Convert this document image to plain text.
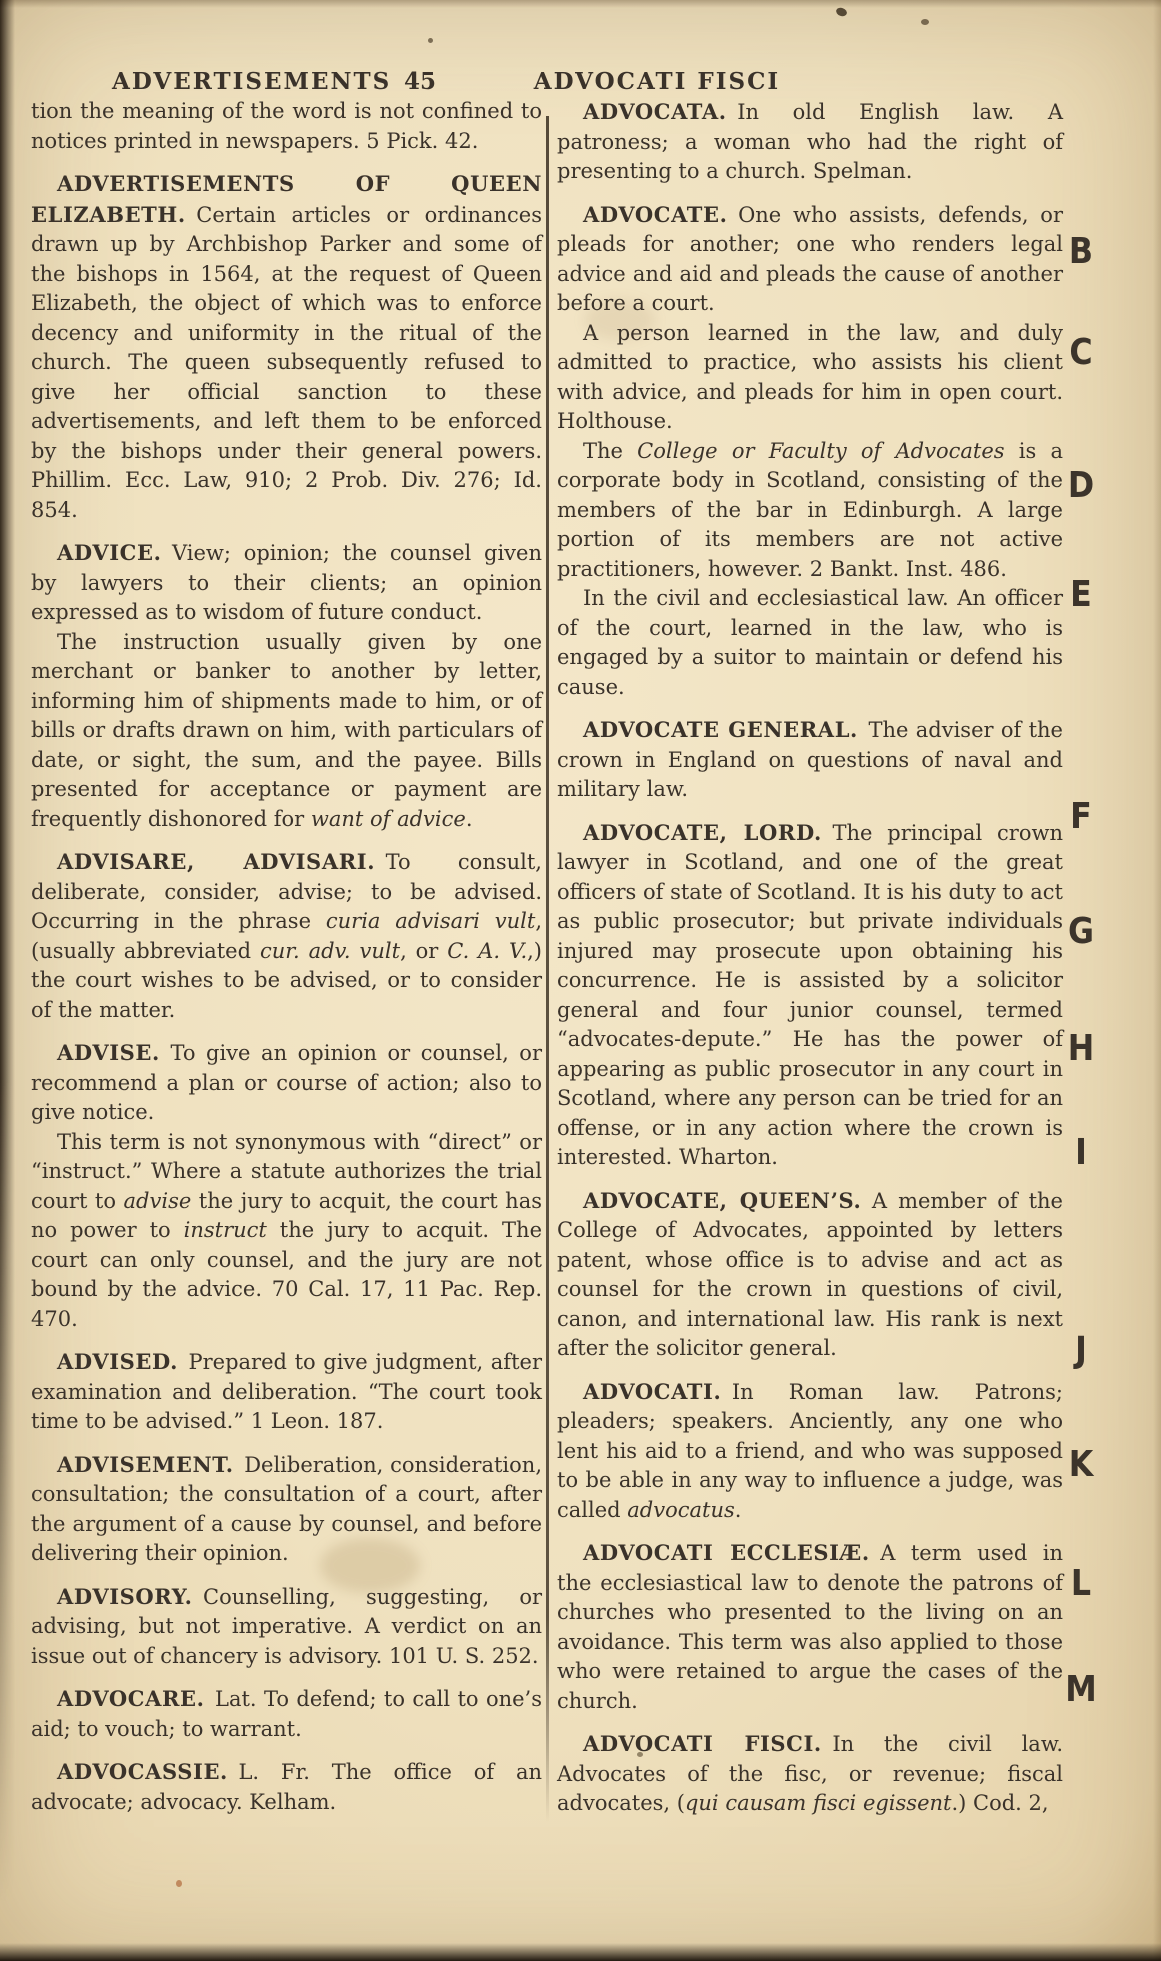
ADVERTISEMENTS 45	ADVOCATI FISCI

tion the meaning of the word is not confined to notices printed in newspapers. 5 Pick. 42.

ADVERTISEMENTS OF QUEEN ELIZABETH.  Certain articles or ordinances drawn up by Archbishop Parker and some of the bishops in 1564, at the request of Queen Elizabeth, the object of which was to enforce decency and uniformity in the ritual of the church. The queen subsequently refused to give her official sanction to these advertisements, and left them to be enforced by the bishops under their general powers. Phillim. Ecc. Law, 910; 2 Prob. Div. 276; Id. 854.

ADVICE.  View; opinion; the counsel given by lawyers to their clients; an opinion expressed as to wisdom of future conduct.

The instruction usually given by one merchant or banker to another by letter, informing him of shipments made to him, or of bills or drafts drawn on him, with particulars of date, or sight, the sum, and the payee. Bills presented for acceptance or payment are frequently dishonored for want of advice.

ADVISARE, ADVISARI.  To consult, deliberate, consider, advise; to be advised. Occurring in the phrase curia advisari vult, (usually abbreviated cur. adv. vult, or C. A. V.,) the court wishes to be advised, or to consider of the matter.

ADVISE.  To give an opinion or counsel, or recommend a plan or course of action; also to give notice.

This term is not synonymous with “direct” or “instruct.” Where a statute authorizes the trial court to advise the jury to acquit, the court has no power to instruct the jury to acquit. The court can only counsel, and the jury are not bound by the advice. 70 Cal. 17, 11 Pac. Rep. 470.

ADVISED.  Prepared to give judgment, after examination and deliberation. “The court took time to be advised.” 1 Leon. 187.

ADVISEMENT.  Deliberation, consideration, consultation; the consultation of a court, after the argument of a cause by counsel, and before delivering their opinion.

ADVISORY.  Counselling, suggesting, or advising, but not imperative. A verdict on an issue out of chancery is advisory. 101 U. S. 252.

ADVOCARE.  Lat. To defend; to call to one’s aid; to vouch; to warrant.

ADVOCASSIE.  L. Fr. The office of an advocate; advocacy. Kelham.

ADVOCATA.  In old English law. A patroness; a woman who had the right of presenting to a church. Spelman.

ADVOCATE.  One who assists, defends, or pleads for another; one who renders legal advice and aid and pleads the cause of another before a court.

A person learned in the law, and duly admitted to practice, who assists his client with advice, and pleads for him in open court. Holthouse.

The College or Faculty of Advocates is a corporate body in Scotland, consisting of the members of the bar in Edinburgh. A large portion of its members are not active practitioners, however. 2 Bankt. Inst. 486.

In the civil and ecclesiastical law. An officer of the court, learned in the law, who is engaged by a suitor to maintain or defend his cause.

ADVOCATE GENERAL.  The adviser of the crown in England on questions of naval and military law.

ADVOCATE, LORD.  The principal crown lawyer in Scotland, and one of the great officers of state of Scotland. It is his duty to act as public prosecutor; but private individuals injured may prosecute upon obtaining his concurrence. He is assisted by a solicitor general and four junior counsel, termed “advocates-depute.” He has the power of appearing as public prosecutor in any court in Scotland, where any person can be tried for an offense, or in any action where the crown is interested. Wharton.

ADVOCATE, QUEEN’S.  A member of the College of Advocates, appointed by letters patent, whose office is to advise and act as counsel for the crown in questions of civil, canon, and international law. His rank is next after the solicitor general.

ADVOCATI.  In Roman law. Patrons; pleaders; speakers. Anciently, any one who lent his aid to a friend, and who was supposed to be able in any way to influence a judge, was called advocatus.

ADVOCATI ECCLESIÆ.  A term used in the ecclesiastical law to denote the patrons of churches who presented to the living on an avoidance. This term was also applied to those who were retained to argue the cases of the church.

ADVOCATI FISCI.  In the civil law. Advocates of the fisc, or revenue; fiscal advocates, (qui causam fisci egissent.) Cod. 2,

B
C
D
E
F
G
H
I
J
K
L
M
